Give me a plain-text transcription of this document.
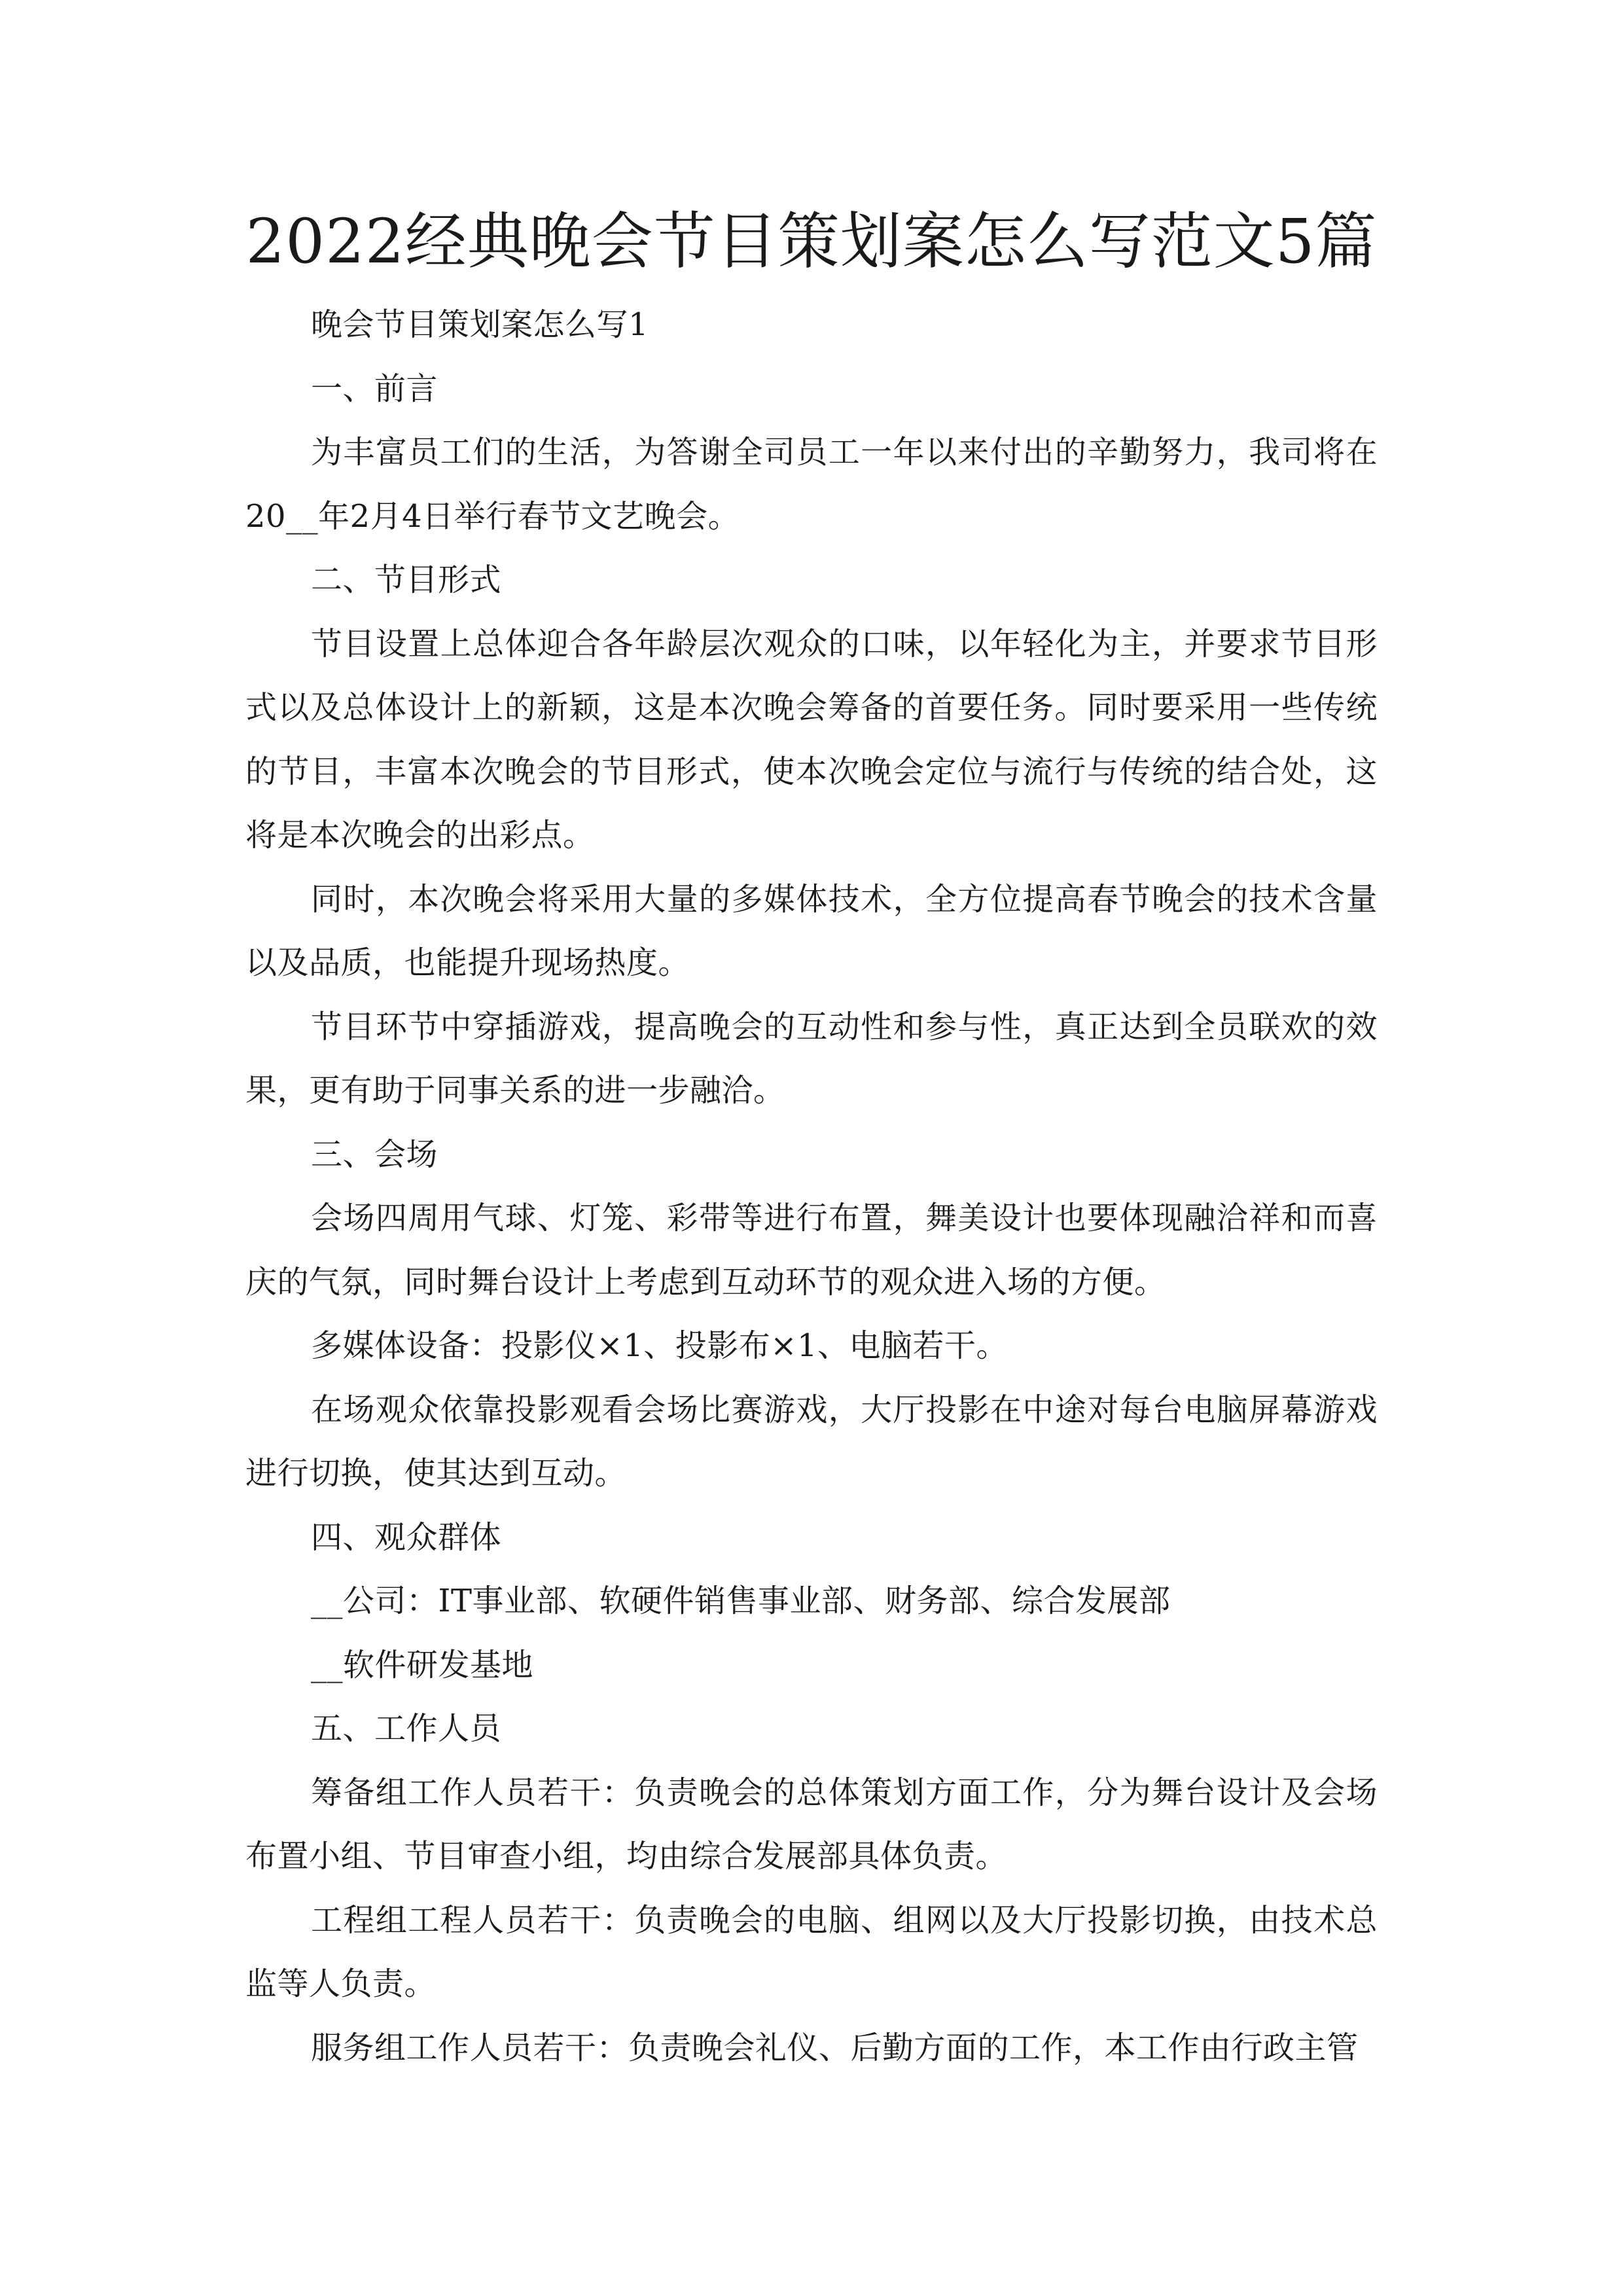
2022经典晚会节目策划案怎么写范文5篇

晚会节目策划案怎么写1

一、前言

为丰富员工们的生活，为答谢全司员工一年以来付出的辛勤努力，我司将在20__年2月4日举行春节文艺晚会。

二、节目形式

节目设置上总体迎合各年龄层次观众的口味，以年轻化为主，并要求节目形式以及总体设计上的新颖，这是本次晚会筹备的首要任务。同时要采用一些传统的节目，丰富本次晚会的节目形式，使本次晚会定位与流行与传统的结合处，这将是本次晚会的出彩点。

同时，本次晚会将采用大量的多媒体技术，全方位提高春节晚会的技术含量以及品质，也能提升现场热度。

节目环节中穿插游戏，提高晚会的互动性和参与性，真正达到全员联欢的效果，更有助于同事关系的进一步融洽。

三、会场

会场四周用气球、灯笼、彩带等进行布置，舞美设计也要体现融洽祥和而喜庆的气氛，同时舞台设计上考虑到互动环节的观众进入场的方便。

多媒体设备：投影仪×1、投影布×1、电脑若干。

在场观众依靠投影观看会场比赛游戏，大厅投影在中途对每台电脑屏幕游戏进行切换，使其达到互动。

四、观众群体

__公司：IT事业部、软硬件销售事业部、财务部、综合发展部

__软件研发基地

五、工作人员

筹备组工作人员若干：负责晚会的总体策划方面工作，分为舞台设计及会场布置小组、节目审查小组，均由综合发展部具体负责。

工程组工程人员若干：负责晚会的电脑、组网以及大厅投影切换，由技术总监等人负责。

服务组工作人员若干：负责晚会礼仪、后勤方面的工作，本工作由行政主管
